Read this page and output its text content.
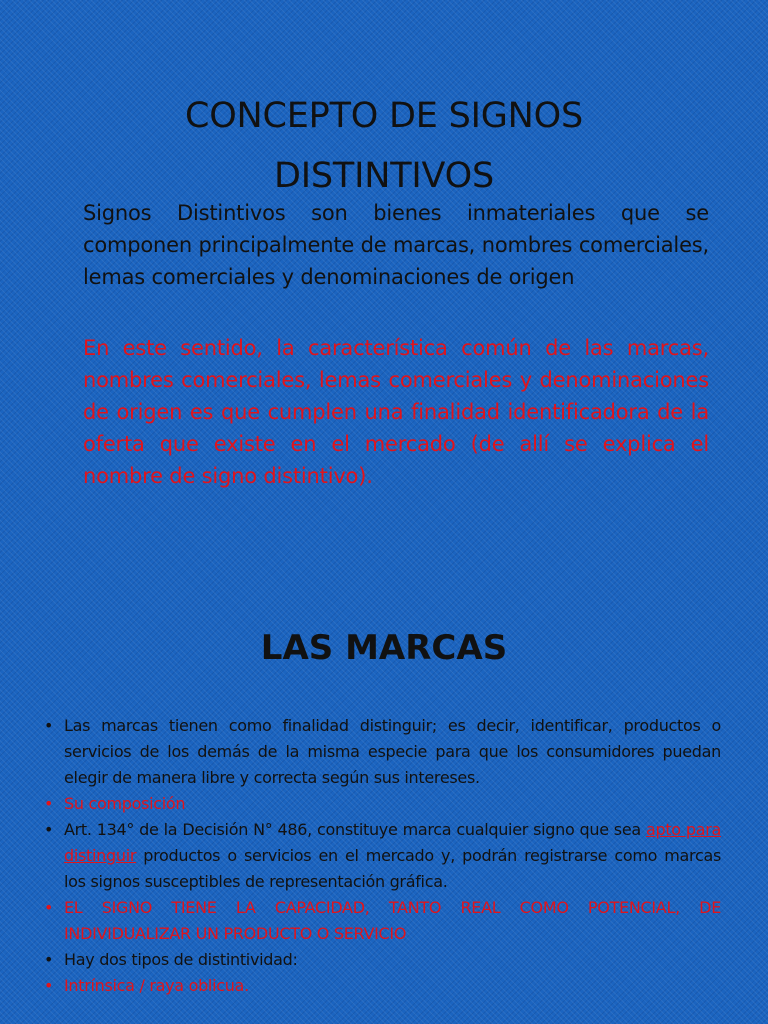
CONCEPTO DE SIGNOS DISTINTIVOS
Signos Distintivos son bienes inmateriales que se componen principalmente de marcas, nombres comerciales, lemas comerciales y denominaciones de origen
En este sentido, la característica común de las marcas, nombres comerciales, lemas comerciales y denominaciones de origen es que cumplen una finalidad identificadora de la oferta que existe en el mercado (de allí se explica el nombre de signo distintivo).
LAS MARCAS
• Las marcas tienen como finalidad distinguir; es decir, identificar, productos o servicios de los demás de la misma especie para que los consumidores puedan elegir de manera libre y correcta según sus intereses.
• Su composición
• Art. 134° de la Decisión N° 486, constituye marca cualquier signo que sea apto para distinguir productos o servicios en el mercado y, podrán registrarse como marcas los signos susceptibles de representación gráfica.
• EL SIGNO TIENE LA CAPACIDAD, TANTO REAL COMO POTENCIAL, DE INDIVIDUALIZAR UN PRODUCTO O SERVICIO
• Hay dos tipos de distintividad:
• Intrínsica / raya oblicua.
